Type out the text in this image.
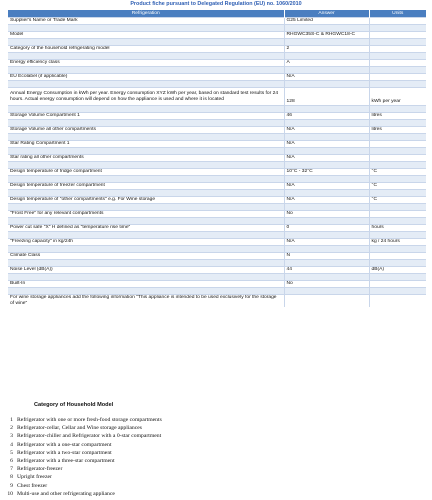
Product fiche pursuant to Delegated Regulation (EU) no. 1060/2010
Refrigeration	Answer	Units
Supplier's Name or Trade Mark	G25 Limited	

Model	RHGWC35S-C & RHGWC18-C	

Category of the household refrigerating model	2	

Energy efficiency class	A	

EU Ecolabel (if applicable)	N/A	

Annual Energy Consumption in kWh per year. Energy consumption XYZ kWh per year, based on standard test results for 24 hours. Actual energy consumption will depend on how the appliance is used and where it is located	128	kWh per year

Storage Volume Compartment 1	46	litres

Storage Volume all other compartments	N/A	litres

Star Rating Compartment 1	N/A	

Star rating all other compartments	N/A	

Design temperature of fridge compartment	10°C - 32°C	°C

Design temperature of freezer compartment	N/A	°C

Design temperature of "other compartments" e.g. For Wine storage	N/A	°C

"Frost Free" for any relevant compartments	No	

Power cut safe "X" H defined as "temperature rise time"	0	hours

"Freezing capacity" in kg/24h	N/A	kg / 24 hours

Climate Class	N	

Noise Level (dB(A))	44	dB(A)

Built-In	No	

For wine storage appliances add the following information "This appliance is intended to be used exclusively for the storage of wine"		
Category of Household Model
1 Refrigerator with one or more fresh-food storage compartments
2 Refrigerator-cellar, Cellar and Wine storage appliances
3 Refrigerator-chiller and Refrigerator with a 0-star compartment
4 Refrigerator with a one-star compartment
5 Refrigerator with a two-star compartment
6 Refrigerator with a three-star compartment
7 Refrigerator-freezer
8 Upright freezer
9 Chest freezer
10 Multi-use and other refrigerating appliance
